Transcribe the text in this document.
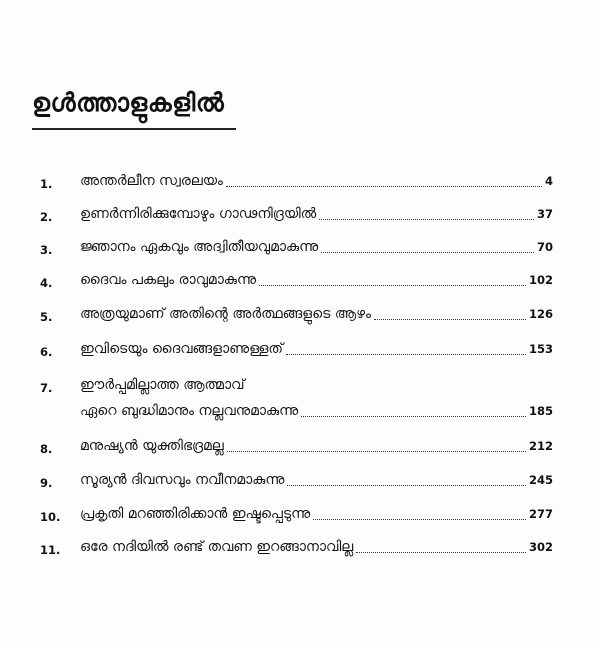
ഉൾത്താളുകളിൽ
1. അന്തർലീന സ്വരലയം	4
2. ഉണർന്നിരിക്കുമ്പോഴും ഗാഢനിദ്രയിൽ	37
3. ജ്ഞാനം ഏകവും അദ്വിതീയവുമാകുന്നു	70
4. ദൈവം പകലും രാവുമാകുന്നു	102
5. അത്രയുമാണ് അതിന്റെ അർത്ഥങ്ങളുടെ ആഴം	126
6. ഇവിടെയും ദൈവങ്ങളാണുള്ളത്	153
7. ഈർപ്പമില്ലാത്ത ആത്മാവ്
ഏറെ ബുദ്ധിമാനും നല്ലവനുമാകുന്നു	185
8. മനുഷ്യൻ യുക്തിഭദ്രമല്ല	212
9. സൂര്യൻ ദിവസവും നവീനമാകുന്നു	245
10. പ്രകൃതി മറഞ്ഞിരിക്കാൻ ഇഷ്ടപ്പെടുന്നു	277
11. ഒരേ നദിയിൽ രണ്ട് തവണ ഇറങ്ങാനാവില്ല	302
